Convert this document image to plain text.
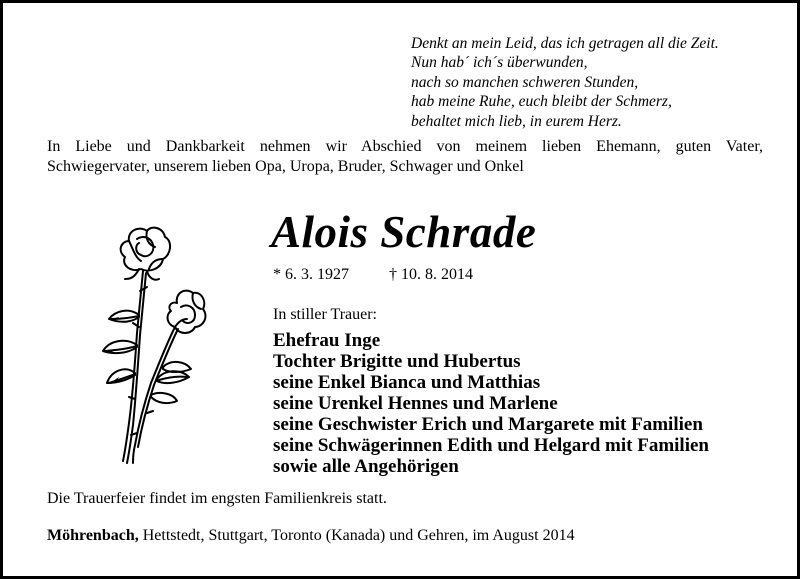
Denkt an mein Leid, das ich getragen all die Zeit.
Nun hab´ ich´s überwunden,
nach so manchen schweren Stunden,
hab meine Ruhe, euch bleibt der Schmerz,
behaltet mich lieb, in eurem Herz.
In Liebe und Dankbarkeit nehmen wir Abschied von meinem lieben Ehemann, guten Vater,
Schwiegervater, unserem lieben Opa, Uropa, Bruder, Schwager und Onkel
Alois Schrade
* 6. 3. 1927	† 10. 8. 2014
In stiller Trauer:
Ehefrau Inge
Tochter Brigitte und Hubertus
seine Enkel Bianca und Matthias
seine Urenkel Hennes und Marlene
seine Geschwister Erich und Margarete mit Familien
seine Schwägerinnen Edith und Helgard mit Familien
sowie alle Angehörigen
Die Trauerfeier findet im engsten Familienkreis statt.
Möhrenbach, Hettstedt, Stuttgart, Toronto (Kanada) und Gehren, im August 2014
